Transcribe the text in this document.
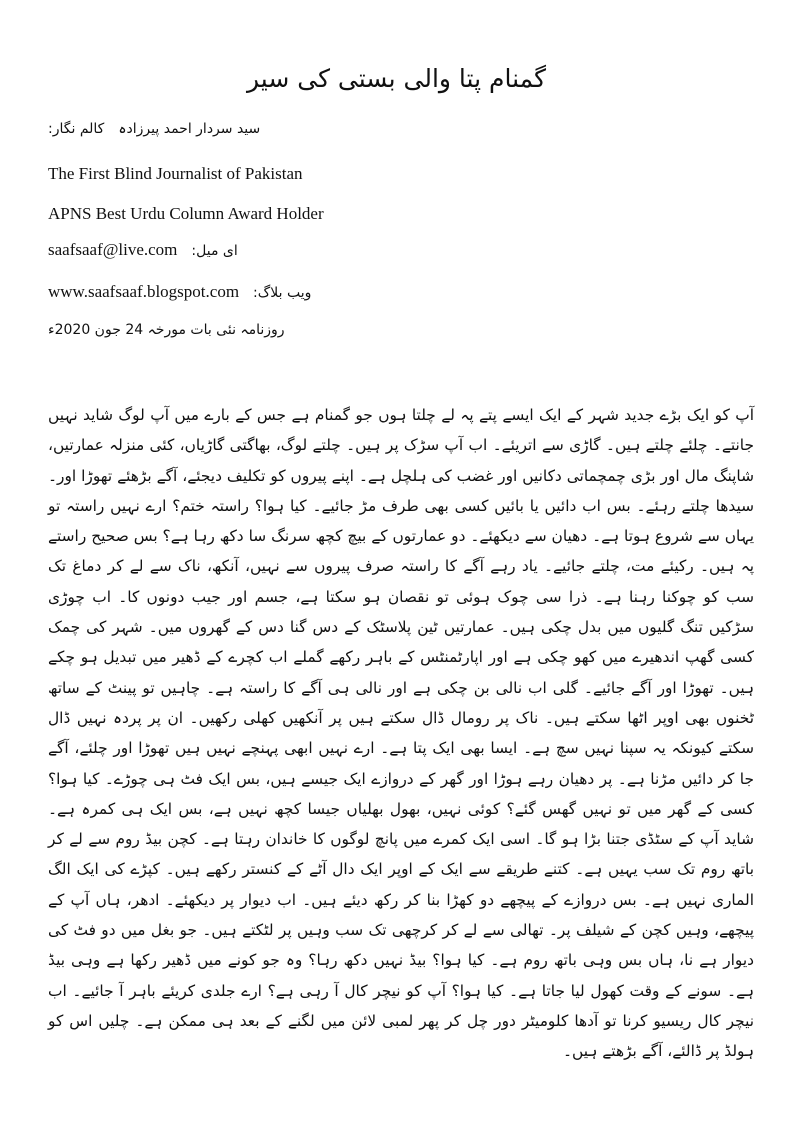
گمنام پتا والی بستی کی سیر
کالم نگار: سید سردار احمد پیرزادہ
The First Blind Journalist of Pakistan
APNS Best Urdu Column Award Holder
saafsaaf@live.com ای میل:
www.saafsaaf.blogspot.com ویب بلاگ:
روزنامہ نئی بات مورخہ 24 جون 2020ء

آپ کو ایک بڑے جدید شہر کے ایک ایسے پتے پہ لے چلتا ہوں جو گمنام ہے جس کے بارے میں آپ لوگ شاید نہیں جانتے۔ چلئے چلتے ہیں۔ گاڑی سے اتریئے۔ اب آپ سڑک پر ہیں۔ چلتے لوگ، بھاگتی گاڑیاں، کئی منزلہ عمارتیں، شاپنگ مال اور بڑی چمچماتی دکانیں اور غضب کی ہلچل ہے۔ اپنے پیروں کو تکلیف دیجئے، آگے بڑھئے تھوڑا اور۔ سیدھا چلتے رہئے۔ بس اب دائیں یا بائیں کسی بھی طرف مڑ جائیے۔ کیا ہوا؟ راستہ ختم؟ ارے نہیں راستہ تو یہاں سے شروع ہوتا ہے۔ دھیان سے دیکھئے۔ دو عمارتوں کے بیچ کچھ سرنگ سا دکھ رہا ہے؟ بس صحیح راستے پہ ہیں۔ رکیئے مت، چلتے جائیے۔ یاد رہے آگے کا راستہ صرف پیروں سے نہیں، آنکھ، ناک سے لے کر دماغ تک سب کو چوکنا رہنا ہے۔ ذرا سی چوک ہوئی تو نقصان ہو سکتا ہے، جسم اور جیب دونوں کا۔ اب چوڑی سڑکیں تنگ گلیوں میں بدل چکی ہیں۔ عمارتیں ٹین پلاسٹک کے دس گنا دس کے گھروں میں۔ شہر کی چمک کسی گھپ اندھیرے میں کھو چکی ہے اور اپارٹمنٹس کے باہر رکھے گملے اب کچرے کے ڈھیر میں تبدیل ہو چکے ہیں۔ تھوڑا اور آگے جائیے۔ گلی اب نالی بن چکی ہے اور نالی ہی آگے کا راستہ ہے۔ چاہیں تو پینٹ کے ساتھ ٹخنوں بھی اوپر اٹھا سکتے ہیں۔ ناک پر رومال ڈال سکتے ہیں پر آنکھیں کھلی رکھیں۔ ان پر پردہ نہیں ڈال سکتے کیونکہ یہ سپنا نہیں سچ ہے۔ ایسا بھی ایک پتا ہے۔ ارے نہیں ابھی پہنچے نہیں ہیں تھوڑا اور چلئے، آگے جا کر دائیں مڑنا ہے۔ پر دھیان رہے ہوڑا اور گھر کے دروازے ایک جیسے ہیں، بس ایک فٹ ہی چوڑے۔ کیا ہوا؟ کسی کے گھر میں تو نہیں گھس گئے؟ کوئی نہیں، بھول بھلیاں جیسا کچھ نہیں ہے، بس ایک ہی کمرہ ہے۔ شاید آپ کے سٹڈی جتنا بڑا ہو گا۔ اسی ایک کمرے میں پانچ لوگوں کا خاندان رہتا ہے۔ کچن بیڈ روم سے لے کر باتھ روم تک سب یہیں ہے۔ کتنے طریقے سے ایک کے اوپر ایک دال آٹے کے کنستر رکھے ہیں۔ کپڑے کی ایک الگ الماری نہیں ہے۔ بس دروازے کے پیچھے دو کھڑا بنا کر رکھ دیئے ہیں۔ اب دیوار پر دیکھئے۔ ادھر، ہاں آپ کے پیچھے، وہیں کچن کے شیلف پر۔ تھالی سے لے کر کرچھی تک سب وہیں پر لٹکتے ہیں۔ جو بغل میں دو فٹ کی دیوار ہے نا، ہاں بس وہی باتھ روم ہے۔ کیا ہوا؟ بیڈ نہیں دکھ رہا؟ وہ جو کونے میں ڈھیر رکھا ہے وہی بیڈ ہے۔ سونے کے وقت کھول لیا جاتا ہے۔ کیا ہوا؟ آپ کو نیچر کال آ رہی ہے؟ ارے جلدی کریئے باہر آ جائیے۔ اب نیچر کال ریسیو کرنا تو آدھا کلومیٹر دور چل کر پھر لمبی لائن میں لگنے کے بعد ہی ممکن ہے۔ چلیں اس کو ہولڈ پر ڈالئے، آگے بڑھتے ہیں۔
